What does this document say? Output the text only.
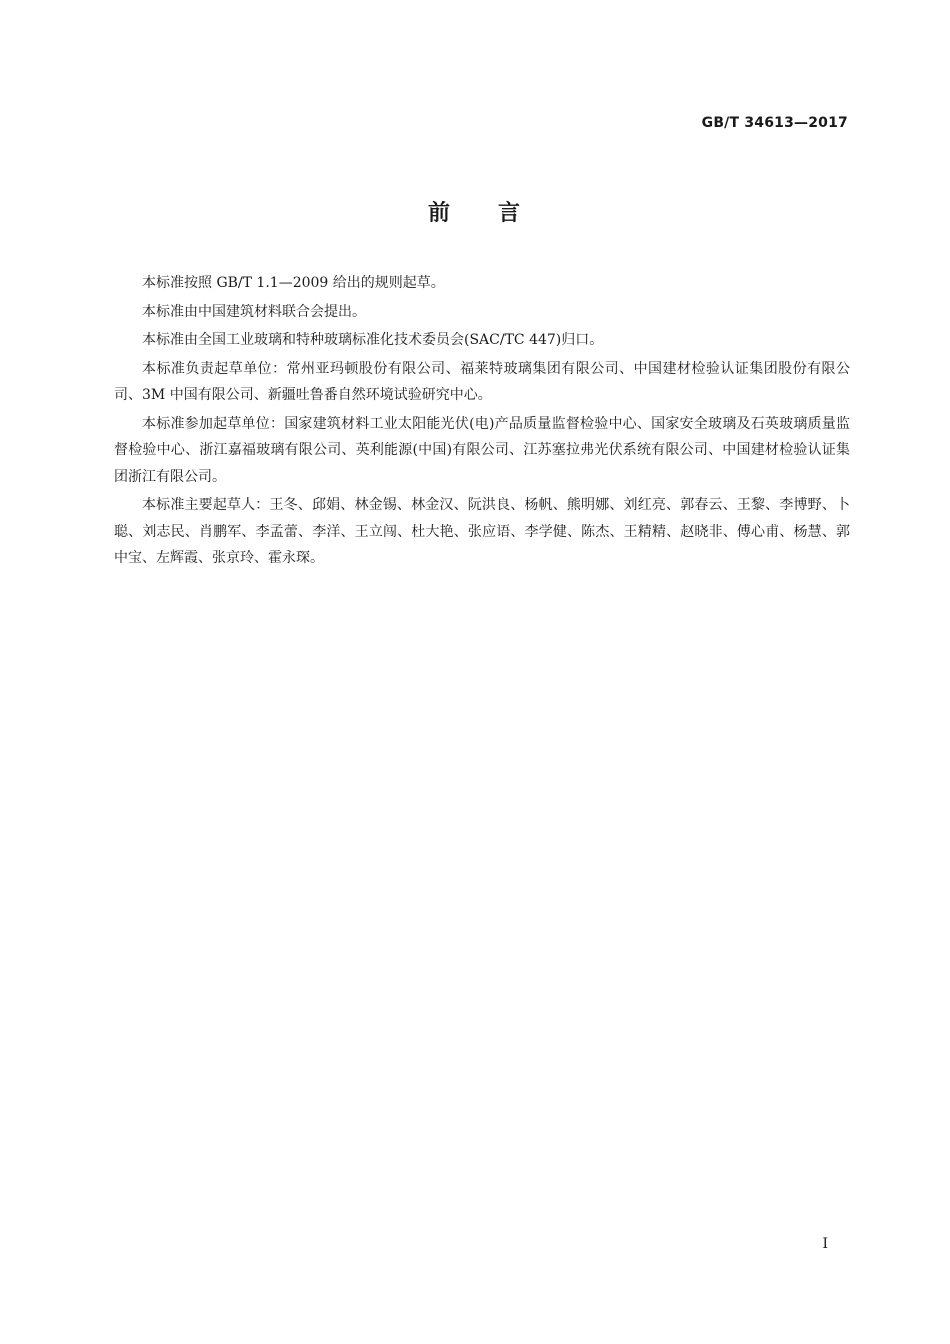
GB/T 34613—2017
前 言

本标准按照 GB/T 1.1—2009 给出的规则起草。

本标准由中国建筑材料联合会提出。

本标准由全国工业玻璃和特种玻璃标准化技术委员会(SAC/TC 447)归口。

本标准负责起草单位：常州亚玛顿股份有限公司、福莱特玻璃集团有限公司、中国建材检验认证集团股份有限公司、3M 中国有限公司、新疆吐鲁番自然环境试验研究中心。

本标准参加起草单位：国家建筑材料工业太阳能光伏(电)产品质量监督检验中心、国家安全玻璃及石英玻璃质量监督检验中心、浙江嘉福玻璃有限公司、英利能源(中国)有限公司、江苏塞拉弗光伏系统有限公司、中国建材检验认证集团浙江有限公司。

本标准主要起草人：王冬、邱娟、林金锡、林金汉、阮洪良、杨帆、熊明娜、刘红亮、郭春云、王黎、李博野、卜聪、刘志民、肖鹏军、李孟蕾、李洋、王立闯、杜大艳、张应语、李学健、陈杰、王精精、赵晓非、傅心甫、杨慧、郭中宝、左辉霞、张京玲、霍永琛。

I
